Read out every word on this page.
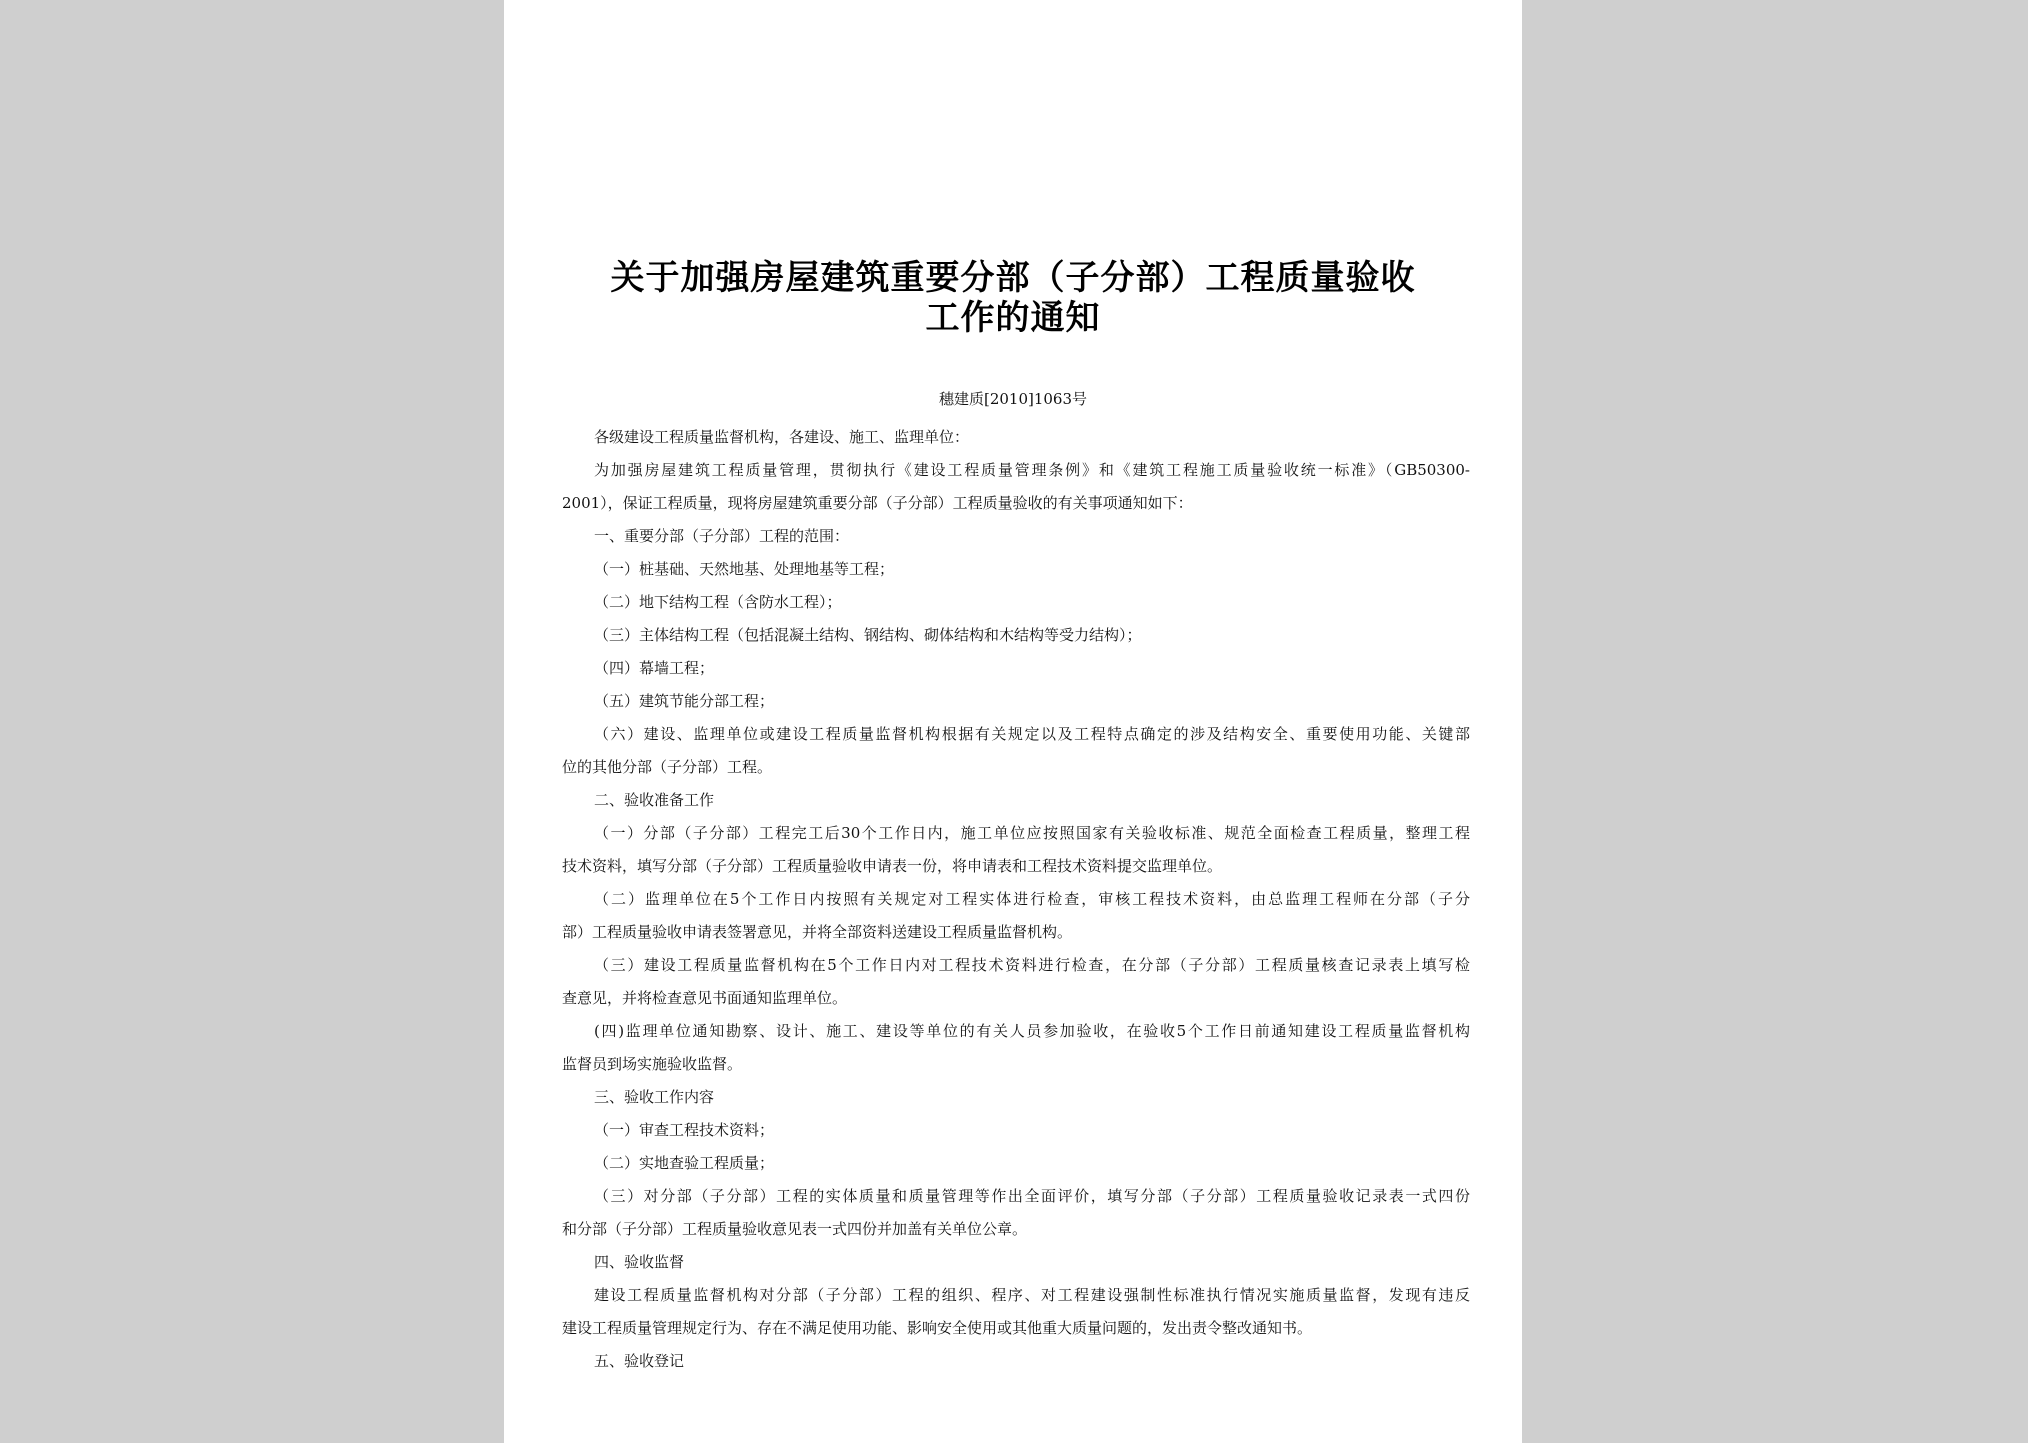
关于加强房屋建筑重要分部（子分部）工程质量验收
工作的通知
穗建质[2010]1063号

各级建设工程质量监督机构，各建设、施工、监理单位：

为加强房屋建筑工程质量管理，贯彻执行《建设工程质量管理条例》和《建筑工程施工质量验收统一标准》（GB50300-

2001），保证工程质量，现将房屋建筑重要分部（子分部）工程质量验收的有关事项通知如下：

一、重要分部（子分部）工程的范围：

（一）桩基础、天然地基、处理地基等工程；

（二）地下结构工程（含防水工程）；

（三）主体结构工程（包括混凝土结构、钢结构、砌体结构和木结构等受力结构）；

（四）幕墙工程；

（五）建筑节能分部工程；

（六）建设、监理单位或建设工程质量监督机构根据有关规定以及工程特点确定的涉及结构安全、重要使用功能、关键部

位的其他分部（子分部）工程。

二、验收准备工作

（一）分部（子分部）工程完工后30个工作日内，施工单位应按照国家有关验收标准、规范全面检查工程质量，整理工程

技术资料，填写分部（子分部）工程质量验收申请表一份，将申请表和工程技术资料提交监理单位。

（二）监理单位在5个工作日内按照有关规定对工程实体进行检查，审核工程技术资料，由总监理工程师在分部（子分

部）工程质量验收申请表签署意见，并将全部资料送建设工程质量监督机构。

（三）建设工程质量监督机构在5个工作日内对工程技术资料进行检查，在分部（子分部）工程质量核查记录表上填写检

查意见，并将检查意见书面通知监理单位。

(四)监理单位通知勘察、设计、施工、建设等单位的有关人员参加验收，在验收5个工作日前通知建设工程质量监督机构

监督员到场实施验收监督。

三、验收工作内容

（一）审查工程技术资料；

（二）实地查验工程质量；

（三）对分部（子分部）工程的实体质量和质量管理等作出全面评价，填写分部（子分部）工程质量验收记录表一式四份

和分部（子分部）工程质量验收意见表一式四份并加盖有关单位公章。

四、验收监督

建设工程质量监督机构对分部（子分部）工程的组织、程序、对工程建设强制性标准执行情况实施质量监督，发现有违反

建设工程质量管理规定行为、存在不满足使用功能、影响安全使用或其他重大质量问题的，发出责令整改通知书。

五、验收登记
